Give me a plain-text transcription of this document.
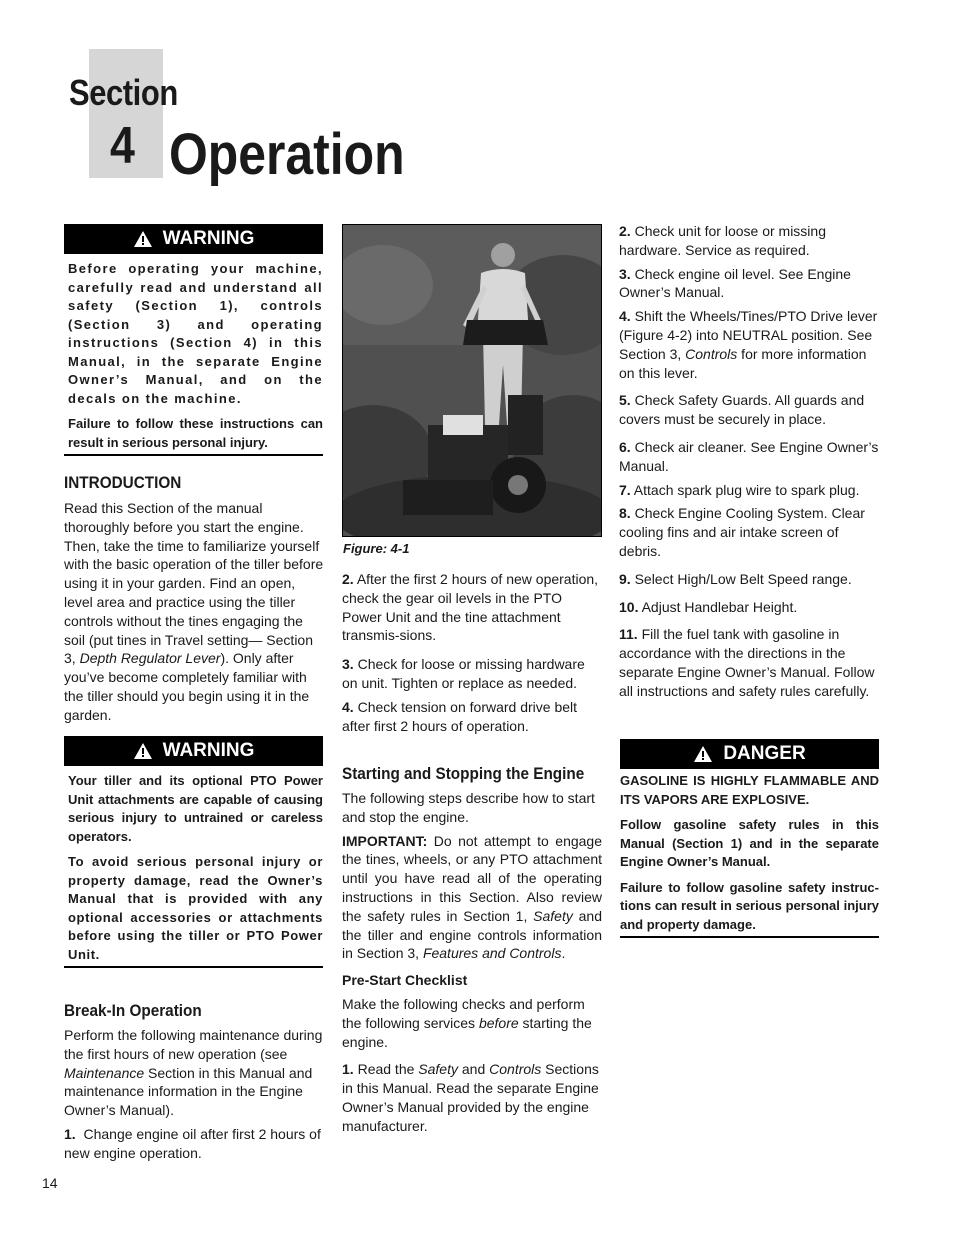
Section
4 Operation
WARNING

Before operating your machine, carefully read and understand all safety (Section 1), controls (Section 3) and operating instructions (Section 4) in this Manual, in the separate Engine Owner’s Manual, and on the decals on the machine.

Failure to follow these instructions can result in serious personal injury.

INTRODUCTION
Read this Section of the manual thoroughly before you start the engine. Then, take the time to familiarize yourself with the basic operation of the tiller before using it in your garden. Find an open, level area and practice using the tiller controls without the tines engaging the soil (put tines in Travel setting— Section 3, Depth Regulator Lever). Only after you’ve become completely familiar with the tiller should you begin using it in the garden.
WARNING

Your tiller and its optional PTO Power Unit attachments are capable of causing serious injury to untrained or careless operators.

To avoid serious personal injury or property damage, read the Owner’s Manual that is provided with any optional accessories or attachments before using the tiller or PTO Power Unit.

Break-In Operation

Perform the following maintenance during the first hours of new operation (see Maintenance Section in this Manual and maintenance information in the Engine Owner’s Manual).

1. Change engine oil after first 2 hours of new engine operation.

Figure: 4-1

2. After the first 2 hours of new operation, check the gear oil levels in the PTO Power Unit and the tine attachment transmis-sions.

3. Check for loose or missing hardware on unit. Tighten or replace as needed.

4. Check tension on forward drive belt after first 2 hours of operation.

Starting and Stopping the Engine

The following steps describe how to start and stop the engine.

IMPORTANT: Do not attempt to engage the tines, wheels, or any PTO attachment until you have read all of the operating instructions in this Section. Also review the safety rules in Section 1, Safety and the tiller and engine controls information in Section 3, Features and Controls.

Pre-Start Checklist

Make the following checks and perform the following services before starting the engine.

1. Read the Safety and Controls Sections in this Manual. Read the separate Engine Owner’s Manual provided by the engine manufacturer.

2. Check unit for loose or missing hardware. Service as required.

3. Check engine oil level. See Engine Owner’s Manual.

4. Shift the Wheels/Tines/PTO Drive lever (Figure 4-2) into NEUTRAL position. See Section 3, Controls for more information on this lever.

5. Check Safety Guards. All guards and covers must be securely in place.

6. Check air cleaner. See Engine Owner’s Manual.

7. Attach spark plug wire to spark plug.

8. Check Engine Cooling System. Clear cooling fins and air intake screen of debris.

9. Select High/Low Belt Speed range.

10. Adjust Handlebar Height.

11. Fill the fuel tank with gasoline in accordance with the directions in the separate Engine Owner’s Manual. Follow all instructions and safety rules carefully.

DANGER

GASOLINE IS HIGHLY FLAMMABLE AND ITS VAPORS ARE EXPLOSIVE.

Follow gasoline safety rules in this Manual (Section 1) and in the separate Engine Owner’s Manual.

Failure to follow gasoline safety instruc-tions can result in serious personal injury and property damage.

14
